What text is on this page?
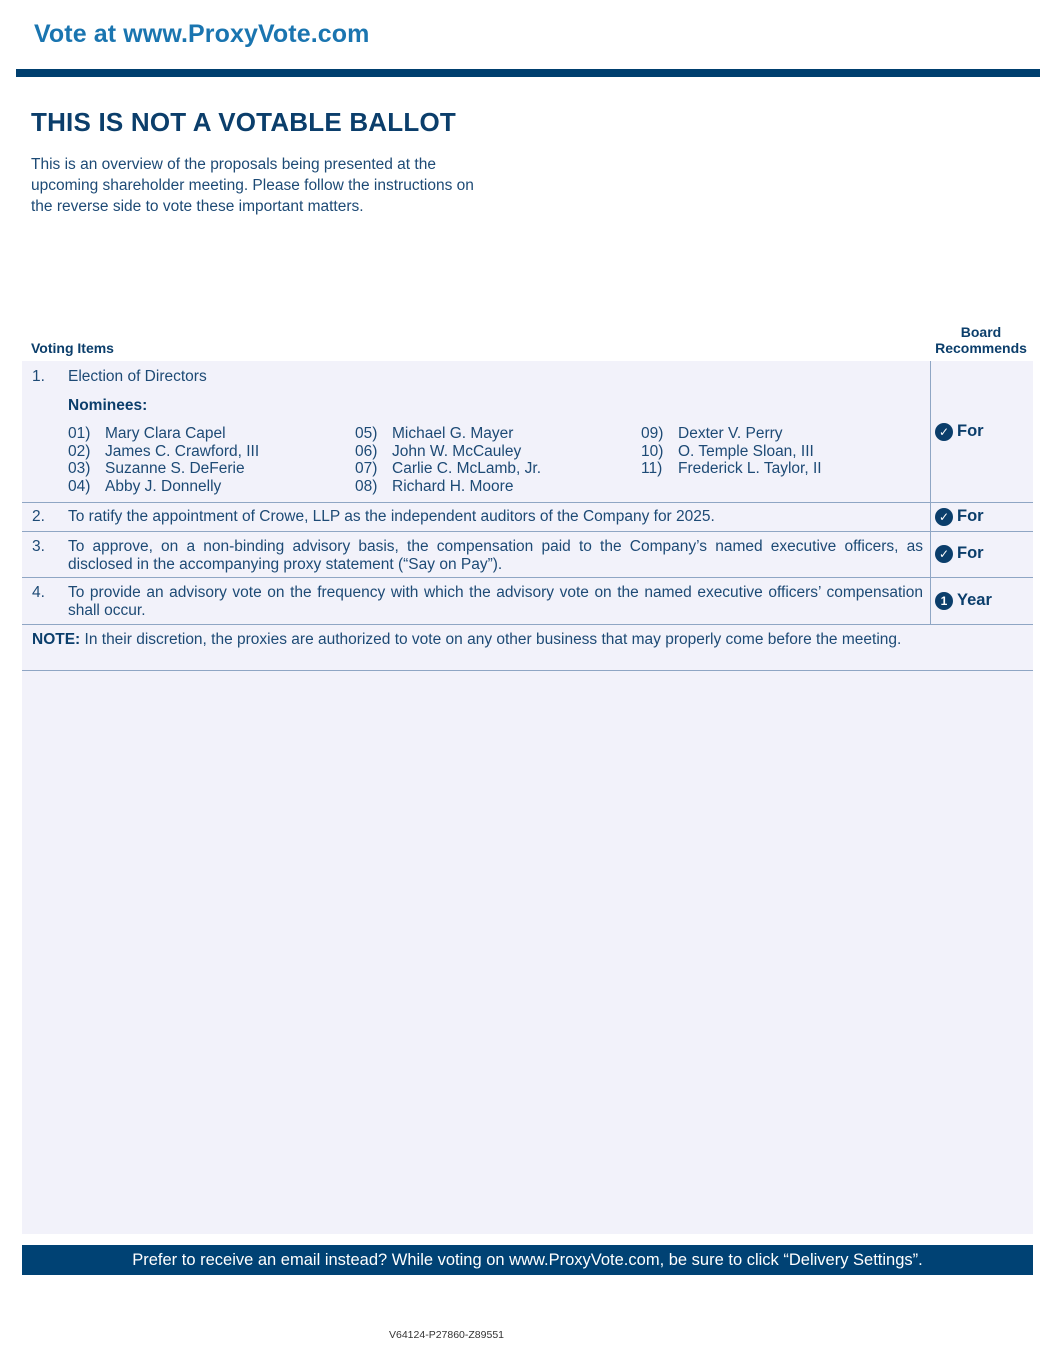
Vote at www.ProxyVote.com
THIS IS NOT A VOTABLE BALLOT
This is an overview of the proposals being presented at the
upcoming shareholder meeting. Please follow the instructions on
the reverse side to vote these important matters.
Voting Items
Board
Recommends
1. Election of Directors
Nominees:
01) Mary Clara Capel
02) James C. Crawford, III
03) Suzanne S. DeFerie
04) Abby J. Donnelly
05) Michael G. Mayer
06) John W. McCauley
07) Carlie C. McLamb, Jr.
08) Richard H. Moore
09) Dexter V. Perry
10) O. Temple Sloan, III
11) Frederick L. Taylor, II
✓ For
2. To ratify the appointment of Crowe, LLP as the independent auditors of the Company for 2025.	✓ For
3. To approve, on a non-binding advisory basis, the compensation paid to the Company’s named executive officers, as disclosed in the accompanying proxy statement (“Say on Pay”).
✓ For
4. To provide an advisory vote on the frequency with which the advisory vote on the named executive officers’ compensation shall occur.
1 Year
NOTE: In their discretion, the proxies are authorized to vote on any other business that may properly come before the meeting.
Prefer to receive an email instead? While voting on www.ProxyVote.com, be sure to click “Delivery Settings”.
V64124-P27860-Z89551
